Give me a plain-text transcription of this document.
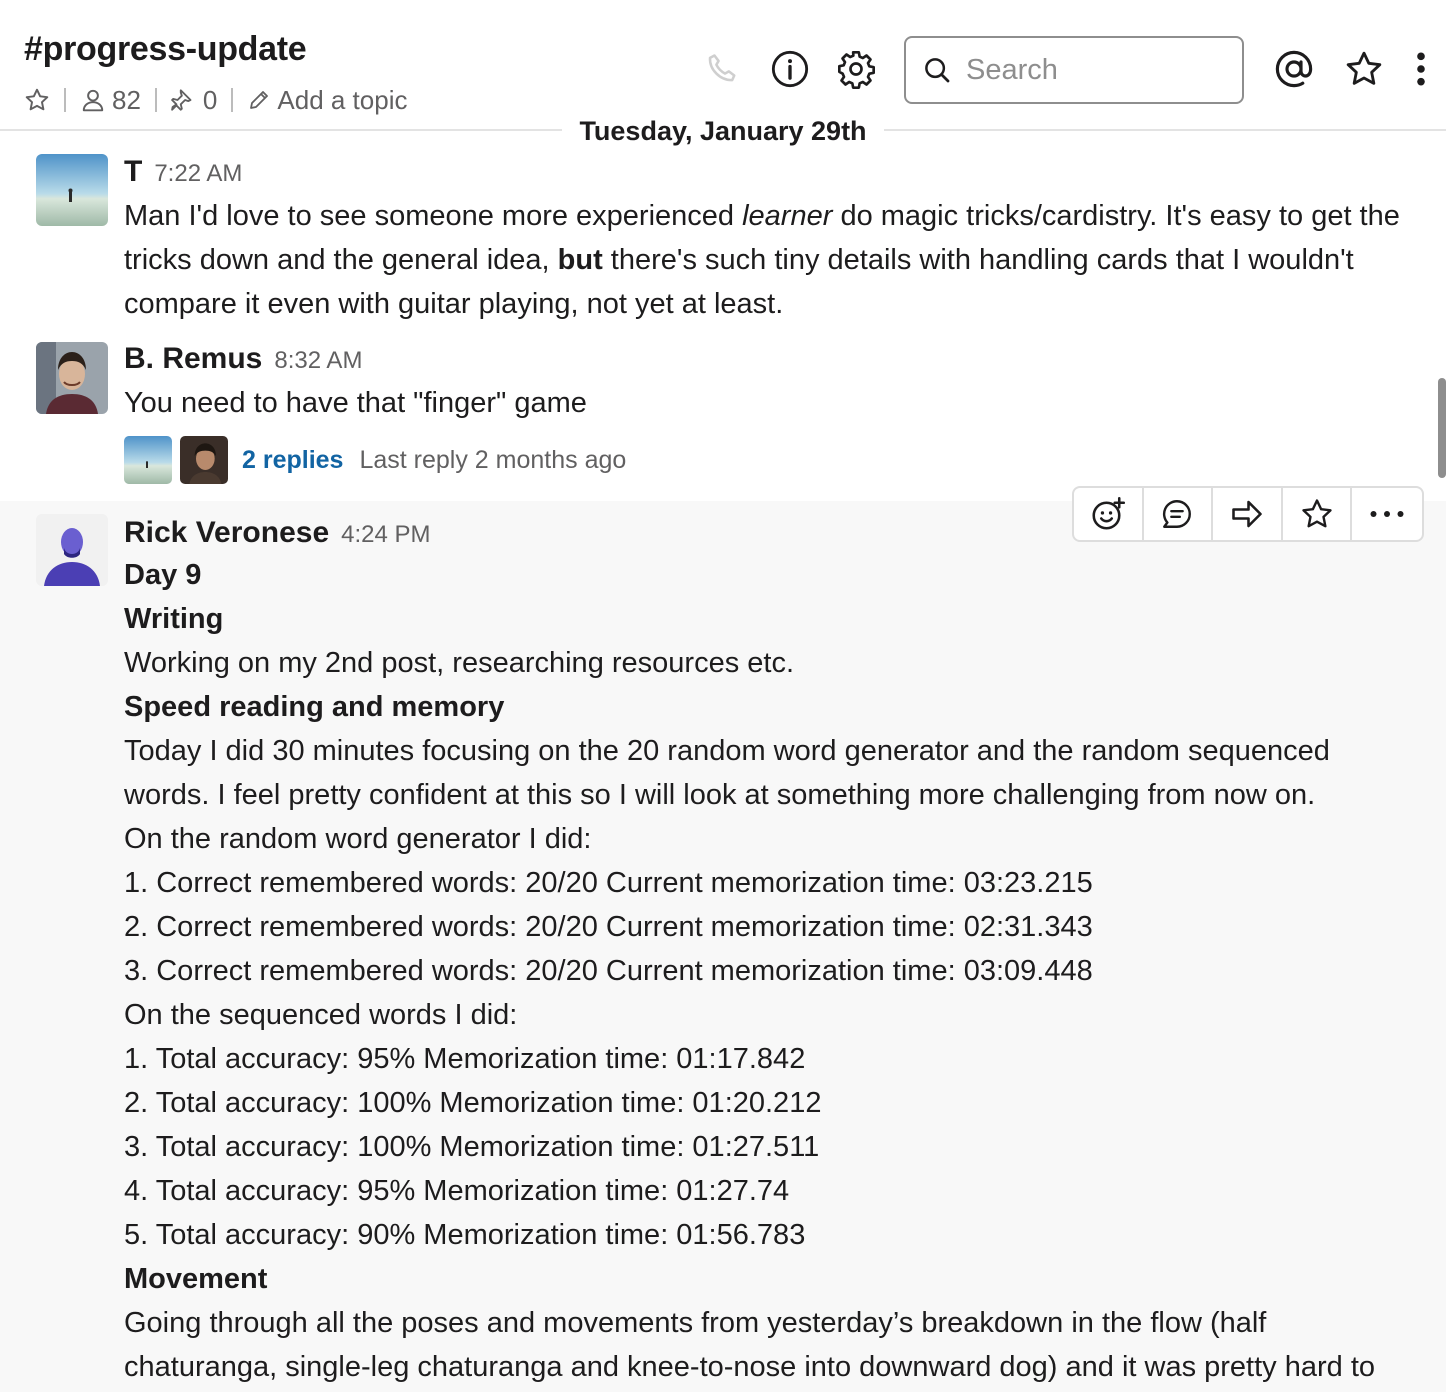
#progress-update
82 0 Add a topic
Search
Tuesday, January 29th
T 7:22 AM
Man I'd love to see someone more experienced learner do magic tricks/cardistry. It's easy to get the
tricks down and the general idea, but there's such tiny details with handling cards that I wouldn't
compare it even with guitar playing, not yet at least.
B. Remus 8:32 AM
You need to have that "finger" game
2 replies Last reply 2 months ago
Rick Veronese 4:24 PM
Day 9
Writing
Working on my 2nd post, researching resources etc.
Speed reading and memory
Today I did 30 minutes focusing on the 20 random word generator and the random sequenced
words. I feel pretty confident at this so I will look at something more challenging from now on.
On the random word generator I did:
1. Correct remembered words: 20/20 Current memorization time: 03:23.215
2. Correct remembered words: 20/20 Current memorization time: 02:31.343
3. Correct remembered words: 20/20 Current memorization time: 03:09.448
On the sequenced words I did:
1. Total accuracy: 95% Memorization time: 01:17.842
2. Total accuracy: 100% Memorization time: 01:20.212
3. Total accuracy: 100% Memorization time: 01:27.511
4. Total accuracy: 95% Memorization time: 01:27.74
5. Total accuracy: 90% Memorization time: 01:56.783
Movement
Going through all the poses and movements from yesterday’s breakdown in the flow (half
chaturanga, single-leg chaturanga and knee-to-nose into downward dog) and it was pretty hard to
